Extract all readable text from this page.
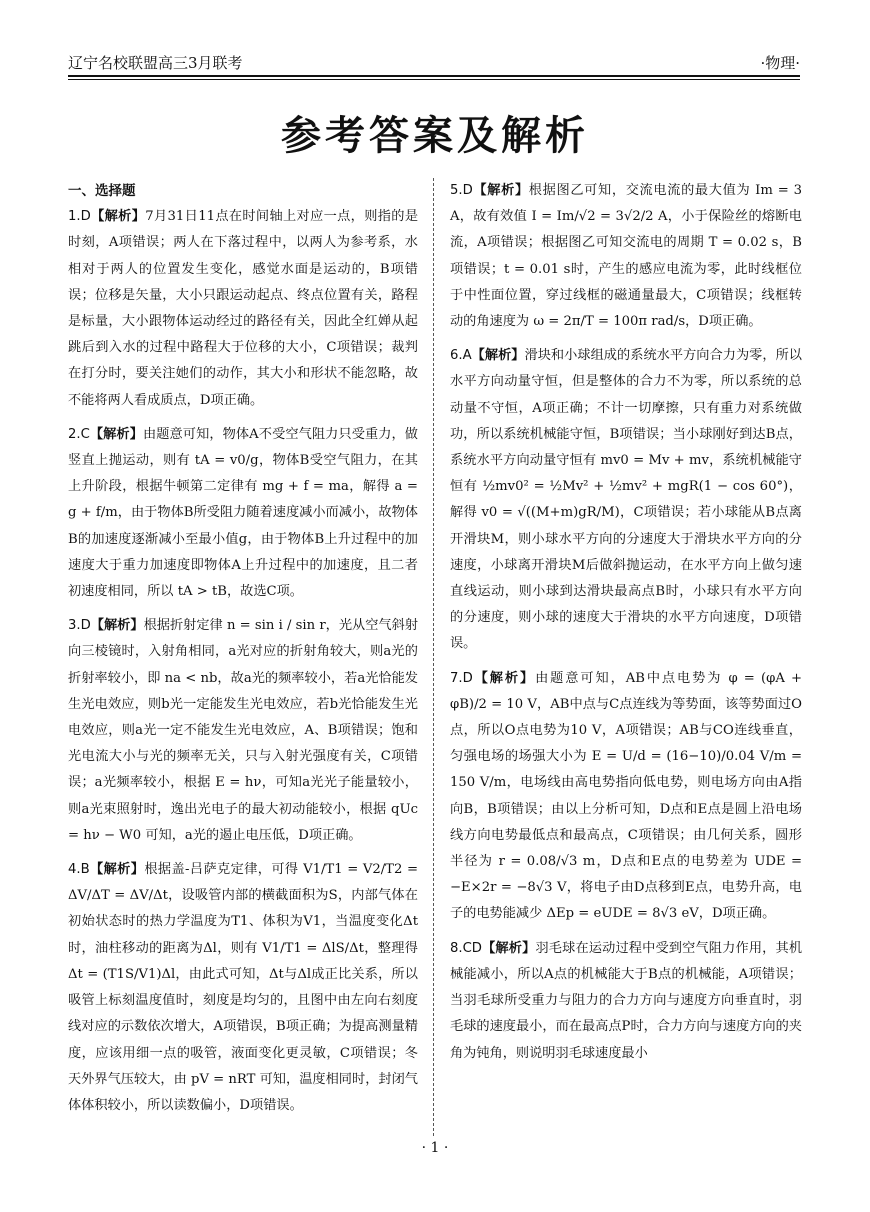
辽宁名校联盟高三3月联考	·物理·
参考答案及解析

一、选择题

1.D【解析】7月31日11点在时间轴上对应一点，则指的是时刻，A项错误；两人在下落过程中，以两人为参考系，水相对于两人的位置发生变化，感觉水面是运动的，B项错误；位移是矢量，大小只跟运动起点、终点位置有关，路程是标量，大小跟物体运动经过的路径有关，因此全红婵从起跳后到入水的过程中路程大于位移的大小，C项错误；裁判在打分时，要关注她们的动作，其大小和形状不能忽略，故不能将两人看成质点，D项正确。

2.C【解析】由题意可知，物体A不受空气阻力只受重力，做竖直上抛运动，则有 tA = v0/g，物体B受空气阻力，在其上升阶段，根据牛顿第二定律有 mg + f = ma，解得 a = g + f/m，由于物体B所受阻力随着速度减小而减小，故物体B的加速度逐渐减小至最小值g，由于物体B上升过程中的加速度大于重力加速度即物体A上升过程中的加速度，且二者初速度相同，所以 tA > tB，故选C项。

3.D【解析】根据折射定律 n = sin i / sin r，光从空气斜射向三棱镜时，入射角相同，a光对应的折射角较大，则a光的折射率较小，即 na < nb，故a光的频率较小，若a光恰能发生光电效应，则b光一定能发生光电效应，若b光恰能发生光电效应，则a光一定不能发生光电效应，A、B项错误；饱和光电流大小与光的频率无关，只与入射光强度有关，C项错误；a光频率较小，根据 E = hν，可知a光光子能量较小，则a光束照射时，逸出光电子的最大初动能较小，根据 qUc = hν − W0 可知，a光的遏止电压低，D项正确。

4.B【解析】根据盖-吕萨克定律，可得 V1/T1 = V2/T2 = ΔV/ΔT = ΔV/Δt，设吸管内部的横截面积为S，内部气体在初始状态时的热力学温度为T1、体积为V1，当温度变化Δt时，油柱移动的距离为Δl，则有 V1/T1 = ΔlS/Δt，整理得 Δt = (T1S/V1)Δl，由此式可知，Δt与Δl成正比关系，所以吸管上标刻温度值时，刻度是均匀的，且图中由左向右刻度线对应的示数依次增大，A项错误，B项正确；为提高测量精度，应该用细一点的吸管，液面变化更灵敏，C项错误；冬天外界气压较大，由 pV = nRT 可知，温度相同时，封闭气体体积较小，所以读数偏小，D项错误。

5.D【解析】根据图乙可知，交流电流的最大值为 Im = 3 A，故有效值 I = Im/√2 = 3√2/2 A，小于保险丝的熔断电流，A项错误；根据图乙可知交流电的周期 T = 0.02 s，B项错误；t = 0.01 s时，产生的感应电流为零，此时线框位于中性面位置，穿过线框的磁通量最大，C项错误；线框转动的角速度为 ω = 2π/T = 100π rad/s，D项正确。

6.A【解析】滑块和小球组成的系统水平方向合力为零，所以水平方向动量守恒，但是整体的合力不为零，所以系统的总动量不守恒，A项正确；不计一切摩擦，只有重力对系统做功，所以系统机械能守恒，B项错误；当小球刚好到达B点，系统水平方向动量守恒有 mv0 = Mv + mv，系统机械能守恒有 ½mv0² = ½Mv² + ½mv² + mgR(1 − cos 60°)，解得 v0 = √((M+m)gR/M)，C项错误；若小球能从B点离开滑块M，则小球水平方向的分速度大于滑块水平方向的分速度，小球离开滑块M后做斜抛运动，在水平方向上做匀速直线运动，则小球到达滑块最高点B时，小球只有水平方向的分速度，则小球的速度大于滑块的水平方向速度，D项错误。

7.D【解析】由题意可知，AB中点电势为 φ = (φA + φB)/2 = 10 V，AB中点与C点连线为等势面，该等势面过O点，所以O点电势为10 V，A项错误；AB与CO连线垂直，匀强电场的场强大小为 E = U/d = (16−10)/0.04 V/m = 150 V/m，电场线由高电势指向低电势，则电场方向由A指向B，B项错误；由以上分析可知，D点和E点是圆上沿电场线方向电势最低点和最高点，C项错误；由几何关系，圆形半径为 r = 0.08/√3 m，D点和E点的电势差为 UDE = −E×2r = −8√3 V，将电子由D点移到E点，电势升高，电子的电势能减少 ΔEp = eUDE = 8√3 eV，D项正确。

8.CD【解析】羽毛球在运动过程中受到空气阻力作用，其机械能减小，所以A点的机械能大于B点的机械能，A项错误；当羽毛球所受重力与阻力的合力方向与速度方向垂直时，羽毛球的速度最小，而在最高点P时，合力方向与速度方向的夹角为钝角，则说明羽毛球速度最小

· 1 ·
